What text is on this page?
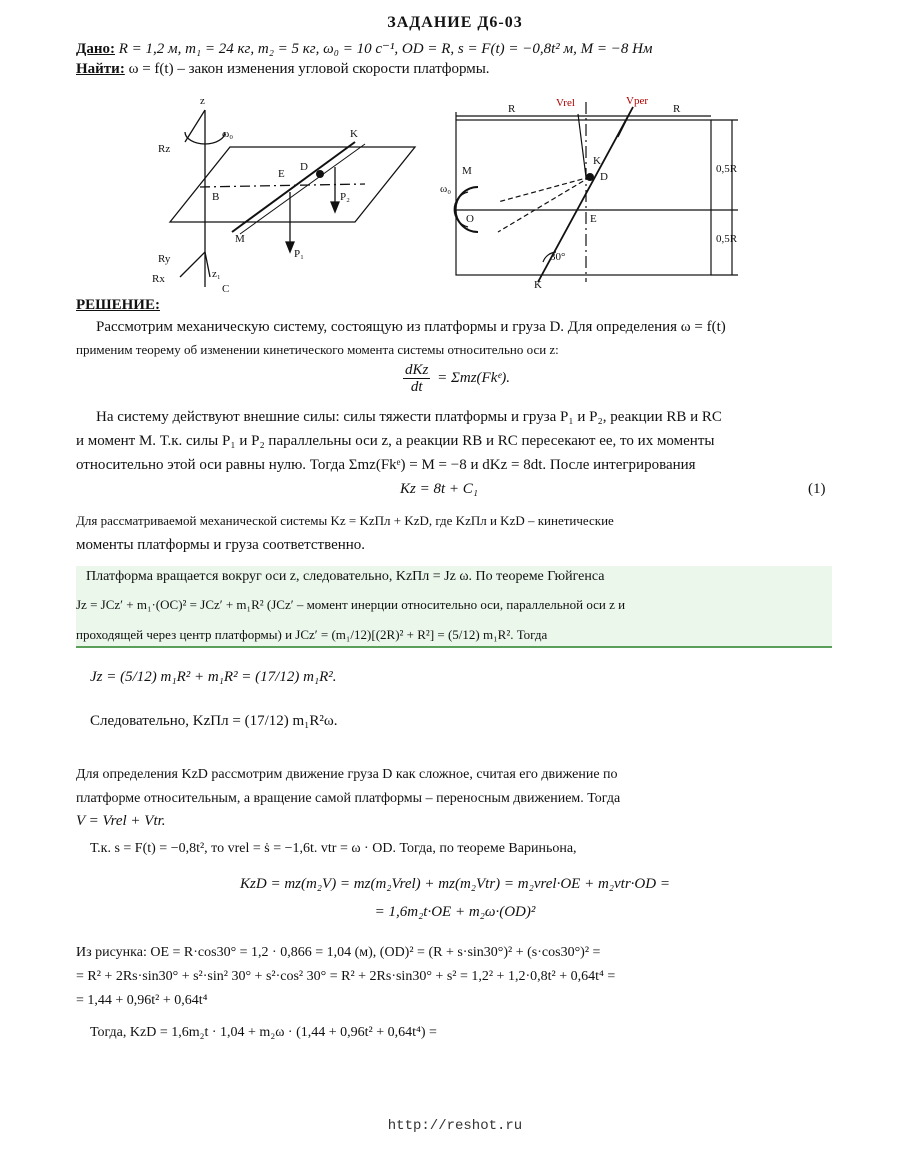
ЗАДАНИЕ Д6-03
Дано: R = 1,2 м, m₁ = 24 кг, m₂ = 5 кг, ω₀ = 10 с⁻¹, OD = R, s = F(t) = −0,8t² м, M = −8 Нм
Найти: ω = f(t) – закон изменения угловой скорости платформы.
ω₀
z
Rz
Ry
Rx	z₁
C
K
D
E
P₂
P₁
M
B
Vrel	Vper
R	R
D
K
O
ω₀
M
E
K
30°
0,5R
0,5R
РЕШЕНИЕ:
Рассмотрим механическую систему, состоящую из платформы и груза D. Для определения ω = f(t)
применим теорему об изменении кинетического момента системы относительно оси z:
$\frac{\text{dKz}}{dt}$ = Σmz(Fkᵉ).
На систему действуют внешние силы: силы тяжести платформы и груза P₁ и P₂, реакции RB и RC
и момент M. Т.к. силы P₁ и P₂ параллельны оси z, а реакции RB и RC пересекают ее, то их моменты
относительно этой оси равны нулю. Тогда Σmz(Fkᵉ) = M = −8 и dKz = 8dt. После интегрирования
Kz = 8t + C₁	(1)
Для рассматриваемой механической системы Kz = KzПл + KzD, где KzПл и KzD – кинетические
моменты платформы и груза соответственно.
Платформа вращается вокруг оси z, следовательно, KzПл = Jz ω. По теореме Гюйгенса
Jz = JCz′ + m₁·(OC)² = JCz′ + m₁R² (JCz′ – момент инерции относительно оси, параллельной оси z и
проходящей через центр платформы) и JCz′ = (m₁/12)[(2R)² + R²] = (5/12) m₁R². Тогда
Jz = (5/12) m₁R² + m₁R² = (17/12) m₁R².
Следовательно, KzПл = (17/12) m₁R²ω.
Для определения KzD рассмотрим движение груза D как сложное, считая его движение по
платформе относительным, а вращение самой платформы – переносным движением. Тогда
V = Vrel + Vtr.
Т.к. s = F(t) = −0,8t², то vrel = ṡ = −1,6t. vtr = ω · OD. Тогда, по теореме Вариньона,
KzD = mz(m₂V) = mz(m₂Vrel) + mz(m₂Vtr) = m₂vrel·OE + m₂vtr·OD =
= 1,6m₂t·OE + m₂ω·(OD)²
Из рисунка: OE = R·cos30° = 1,2 · 0,866 = 1,04 (м), (OD)² = (R + s·sin30°)² + (s·cos30°)² =
= R² + 2Rs·sin30° + s²·sin² 30° + s²·cos² 30° = R² + 2Rs·sin30° + s² = 1,2² + 1,2·0,8t² + 0,64t⁴ =
= 1,44 + 0,96t² + 0,64t⁴
Тогда, KzD = 1,6m₂t · 1,04 + m₂ω · (1,44 + 0,96t² + 0,64t⁴) =
http://reshot.ru
